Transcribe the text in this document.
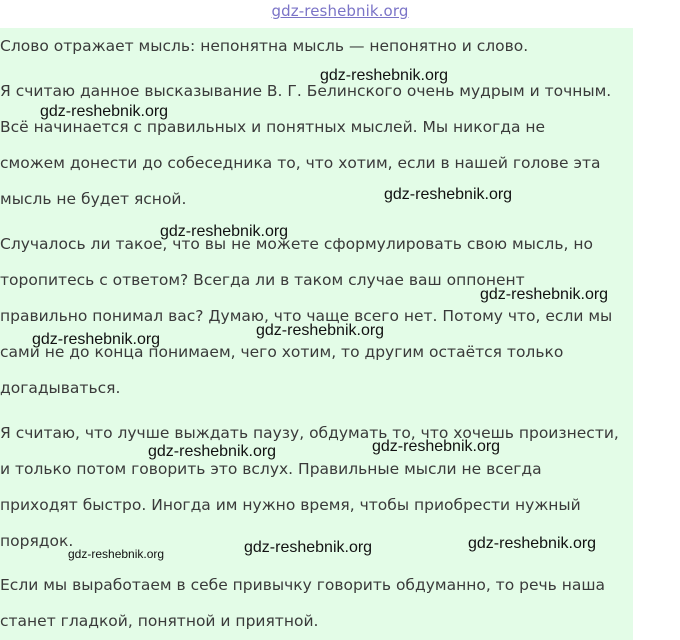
gdz-reshebnik.org
Слово отражает мысль: непонятна мысль — непонятно и слово.
Я считаю данное высказывание В. Г. Белинского очень мудрым и точным.
Всё начинается с правильных и понятных мыслей. Мы никогда не
сможем донести до собеседника то, что хотим, если в нашей голове эта
мысль не будет ясной.
Случалось ли такое, что вы не можете сформулировать свою мысль, но
торопитесь с ответом? Всегда ли в таком случае ваш оппонент
правильно понимал вас? Думаю, что чаще всего нет. Потому что, если мы
сами не до конца понимаем, чего хотим, то другим остаётся только
догадываться.
Я считаю, что лучше выждать паузу, обдумать то, что хочешь произнести,
и только потом говорить это вслух. Правильные мысли не всегда
приходят быстро. Иногда им нужно время, чтобы приобрести нужный
порядок.
Если мы выработаем в себе привычку говорить обдуманно, то речь наша
станет гладкой, понятной и приятной.
gdz-reshebnik.org
gdz-reshebnik.org
gdz-reshebnik.org
gdz-reshebnik.org
gdz-reshebnik.org
gdz-reshebnik.org
gdz-reshebnik.org
gdz-reshebnik.org
gdz-reshebnik.org
gdz-reshebnik.org
gdz-reshebnik.org
gdz-reshebnik.org
